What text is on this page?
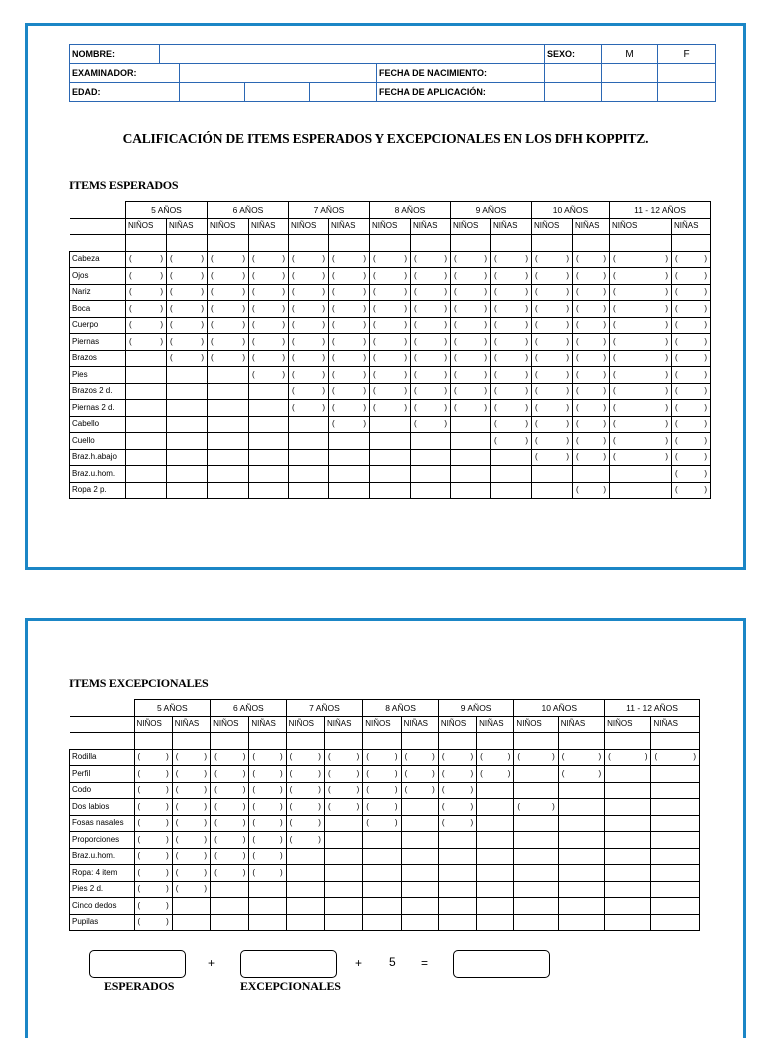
NOMBRE:						SEXO:	M	F
EXAMINADOR:					FECHA DE NACIMIENTO:			
EDAD:					FECHA DE APLICACIÓN:			
CALIFICACIÓN DE ITEMS ESPERADOS Y EXCEPCIONALES EN LOS DFH KOPPITZ.
ITEMS ESPERADOS
	5 AÑOS		6 AÑOS		7 AÑOS		8 AÑOS		9 AÑOS		10 AÑOS		11 - 12 AÑOS	
	NIÑOS	NIÑAS	NIÑOS	NIÑAS	NIÑOS	NIÑAS	NIÑOS	NIÑAS	NIÑOS	NIÑAS	NIÑOS	NIÑAS	NIÑOS	NIÑAS

Cabeza	( )	( )	( )	( )	( )	( )	( )	( )	( )	( )	( )	( )	( )	( )

Ojos	( )	( )	( )	( )	( )	( )	( )	( )	( )	( )	( )	( )	( )	( )

Nariz	( )	( )	( )	( )	( )	( )	( )	( )	( )	( )	( )	( )	( )	( )

Boca	( )	( )	( )	( )	( )	( )	( )	( )	( )	( )	( )	( )	( )	( )

Cuerpo	( )	( )	( )	( )	( )	( )	( )	( )	( )	( )	( )	( )	( )	( )

Piernas	( )	( )	( )	( )	( )	( )	( )	( )	( )	( )	( )	( )	( )	( )

Brazos		( )	( )	( )	( )	( )	( )	( )	( )	( )	( )	( )	( )	( )

Pies				( )	( )	( )	( )	( )	( )	( )	( )	( )	( )	( )

Brazos 2 d.					( )	( )	( )	( )	( )	( )	( )	( )	( )	( )

Piernas 2 d.					( )	( )	( )	( )	( )	( )	( )	( )	( )	( )

Cabello						( )		( )		( )	( )	( )	( )	( )

Cuello										( )	( )	( )	( )	( )

Braz.h.abajo											( )	( )	( )	( )

Braz.u.hom.														( )

Ropa 2 p.												( )		( )
ITEMS EXCEPCIONALES
	5 AÑOS		6 AÑOS		7 AÑOS		8 AÑOS		9 AÑOS		10 AÑOS		11 - 12 AÑOS	
	NIÑOS	NIÑAS	NIÑOS	NIÑAS	NIÑOS	NIÑAS	NIÑOS	NIÑAS	NIÑOS	NIÑAS	NIÑOS	NIÑAS	NIÑOS	NIÑAS

Rodilla	( )	( )	( )	( )	( )	( )	( )	( )	( )	( )	( )	( )	( )	( )

Perfil	( )	( )	( )	( )	( )	( )	( )	( )	( )	( )		( )		

Codo	( )	( )	( )	( )	( )	( )	( )	( )	( )					

Dos labios	( )	( )	( )	( )	( )	( )	( )		( )		( )			

Fosas nasales	( )	( )	( )	( )	( )		( )		( )					

Proporciones	( )	( )	( )	( )	( )									

Braz.u.hom.	( )	( )	( )	( )										

Ropa: 4 item	( )	( )	( )	( )										

Pies 2 d.	( )	( )												

Cinco dedos	( )													

Pupilas	( )													

+	+ 5 =
ESPERADOS	EXCEPCIONALES
